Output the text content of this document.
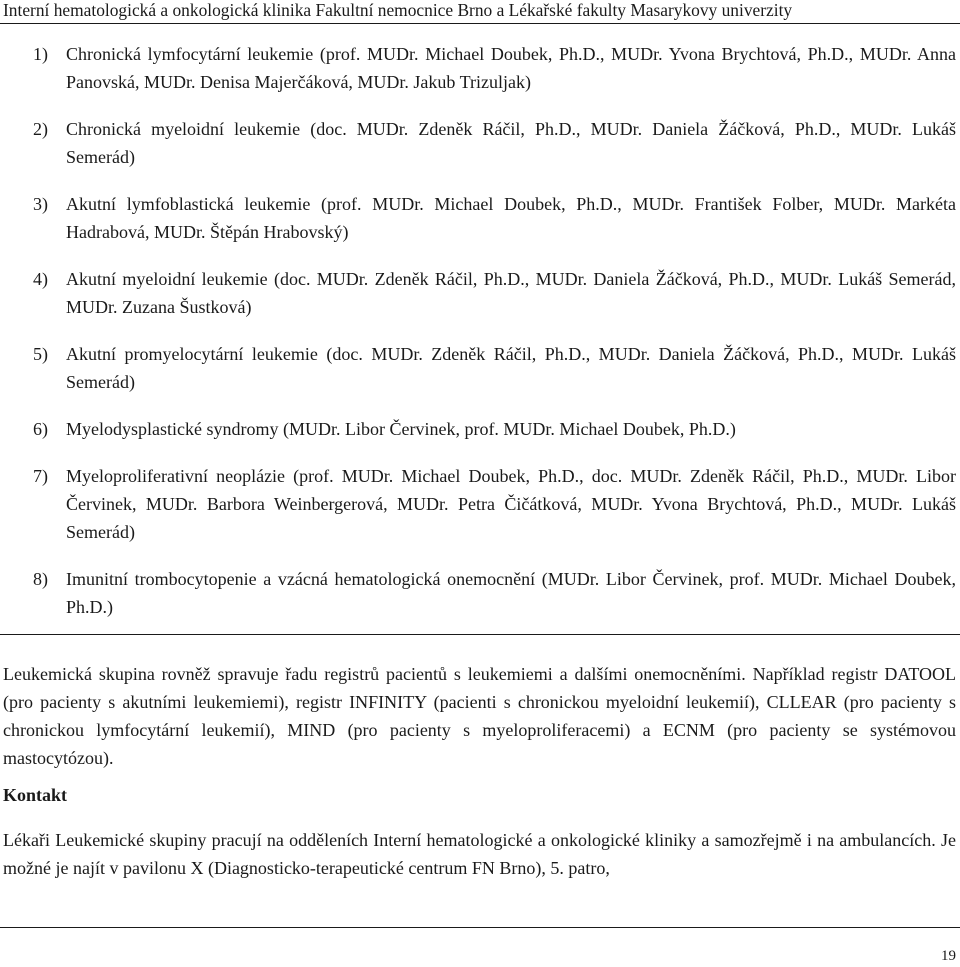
Interní hematologická a onkologická klinika Fakultní nemocnice Brno a Lékařské fakulty Masarykovy univerzity
1) Chronická lymfocytární leukemie (prof. MUDr. Michael Doubek, Ph.D., MUDr. Yvona Brychtová, Ph.D., MUDr. Anna Panovská, MUDr. Denisa Majerčáková, MUDr. Jakub Trizuljak)
2) Chronická myeloidní leukemie (doc. MUDr. Zdeněk Ráčil, Ph.D., MUDr. Daniela Žáčková, Ph.D., MUDr. Lukáš Semerád)
3) Akutní lymfoblastická leukemie (prof. MUDr. Michael Doubek, Ph.D., MUDr. František Folber, MUDr. Markéta Hadrabová, MUDr. Štěpán Hrabovský)
4) Akutní myeloidní leukemie (doc. MUDr. Zdeněk Ráčil, Ph.D., MUDr. Daniela Žáčková, Ph.D., MUDr. Lukáš Semerád, MUDr. Zuzana Šustková)
5) Akutní promyelocytární leukemie (doc. MUDr. Zdeněk Ráčil, Ph.D., MUDr. Daniela Žáčková, Ph.D., MUDr. Lukáš Semerád)
6) Myelodysplastické syndromy (MUDr. Libor Červinek, prof. MUDr. Michael Doubek, Ph.D.)
7) Myeloproliferativní neoplázie (prof. MUDr. Michael Doubek, Ph.D., doc. MUDr. Zdeněk Ráčil, Ph.D., MUDr. Libor Červinek, MUDr. Barbora Weinbergerová, MUDr. Petra Čičátková, MUDr. Yvona Brychtová, Ph.D., MUDr. Lukáš Semerád)
8) Imunitní trombocytopenie a vzácná hematologická onemocnění (MUDr. Libor Červinek, prof. MUDr. Michael Doubek, Ph.D.)

Leukemická skupina rovněž spravuje řadu registrů pacientů s leukemiemi a dalšími onemocněními. Například registr DATOOL (pro pacienty s akutními leukemiemi), registr INFINITY (pacienti s chronickou myeloidní leukemií), CLLEAR (pro pacienty s chronickou lymfocytární leukemií), MIND (pro pacienty s myeloproliferacemi) a ECNM (pro pacienty se systémovou mastocytózou).

Kontakt

Lékaři Leukemické skupiny pracují na odděleních Interní hematologické a onkologické kliniky a samozřejmě i na ambulancích. Je možné je najít v pavilonu X (Diagnosticko-terapeutické centrum FN Brno), 5. patro,

19
